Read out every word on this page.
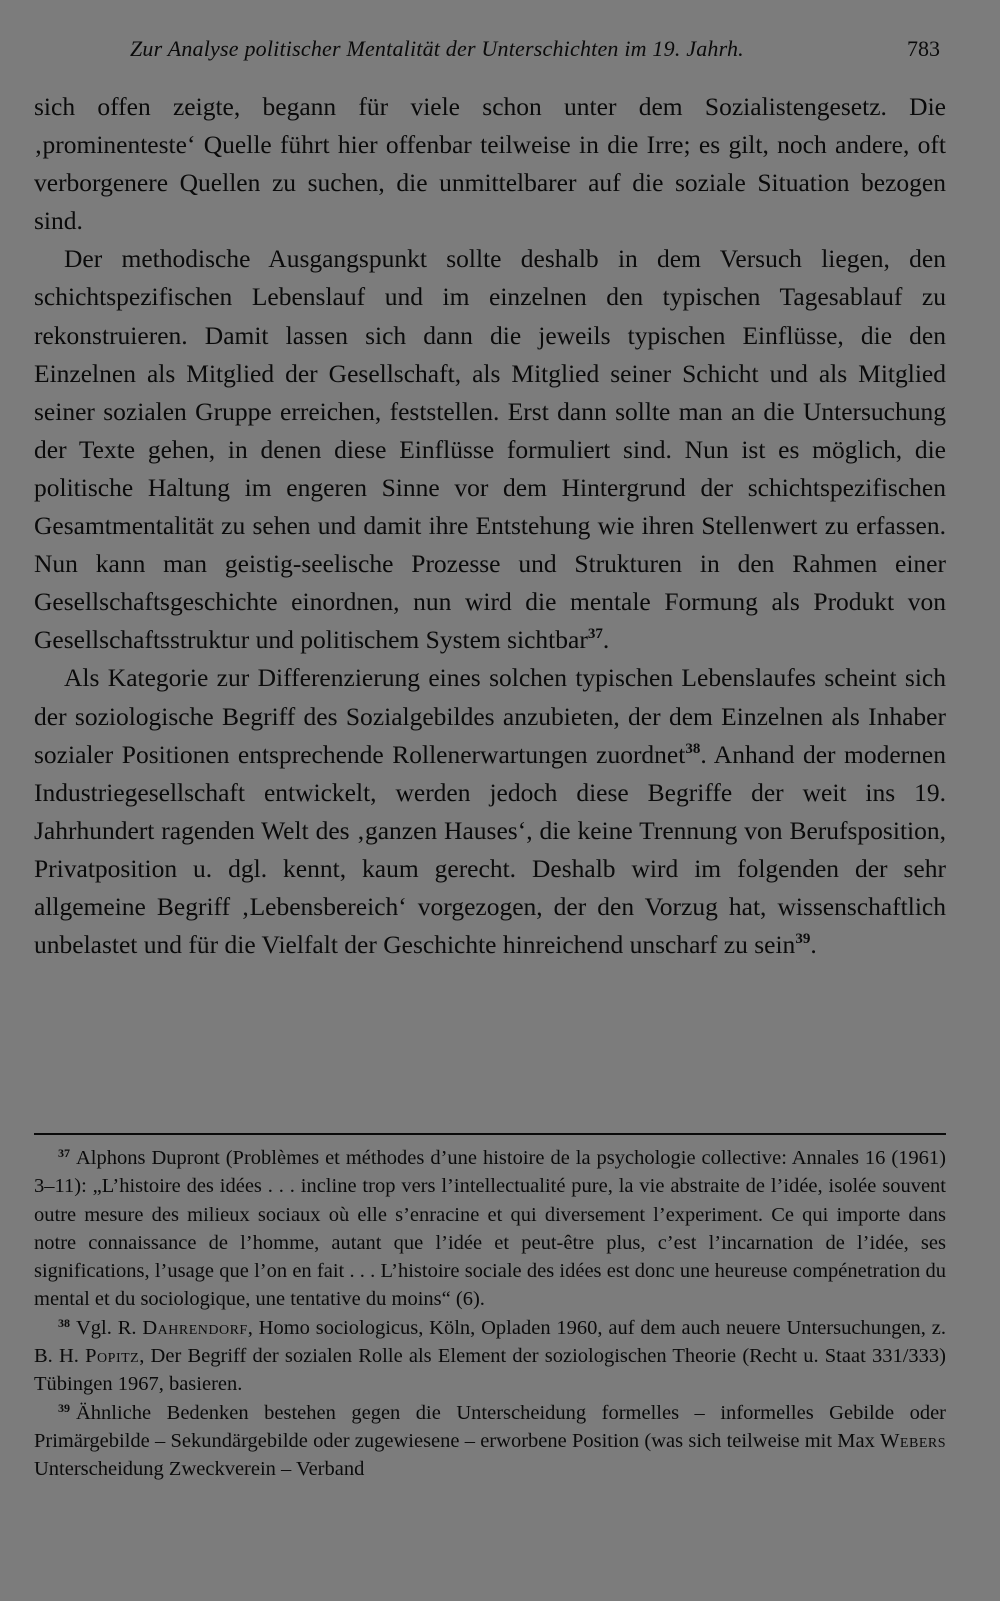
Zur Analyse politischer Mentalität der Unterschichten im 19. Jahrh.	783

sich offen zeigte, begann für viele schon unter dem Sozialistengesetz. Die ‚prominenteste‘ Quelle führt hier offenbar teilweise in die Irre; es gilt, noch andere, oft verborgenere Quellen zu suchen, die unmittelbarer auf die soziale Situation bezogen sind.

Der methodische Ausgangspunkt sollte deshalb in dem Versuch liegen, den schichtspezifischen Lebenslauf und im einzelnen den typischen Tagesablauf zu rekonstruieren. Damit lassen sich dann die jeweils typischen Einflüsse, die den Einzelnen als Mitglied der Gesellschaft, als Mitglied seiner Schicht und als Mitglied seiner sozialen Gruppe erreichen, feststellen. Erst dann sollte man an die Untersuchung der Texte gehen, in denen diese Einflüsse formuliert sind. Nun ist es möglich, die politische Haltung im engeren Sinne vor dem Hintergrund der schichtspezifischen Gesamtmentalität zu sehen und damit ihre Entstehung wie ihren Stellenwert zu erfassen. Nun kann man geistig-seelische Prozesse und Strukturen in den Rahmen einer Gesellschaftsgeschichte einordnen, nun wird die mentale Formung als Produkt von Gesellschaftsstruktur und politischem System sichtbar$^{37}$.

Als Kategorie zur Differenzierung eines solchen typischen Lebenslaufes scheint sich der soziologische Begriff des Sozialgebildes anzubieten, der dem Einzelnen als Inhaber sozialer Positionen entsprechende Rollenerwartungen zuordnet$^{38}$. Anhand der modernen Industriegesellschaft entwickelt, werden jedoch diese Begriffe der weit ins 19. Jahrhundert ragenden Welt des ‚ganzen Hauses‘, die keine Trennung von Berufsposition, Privatposition u. dgl. kennt, kaum gerecht. Deshalb wird im folgenden der sehr allgemeine Begriff ‚Lebensbereich‘ vorgezogen, der den Vorzug hat, wissenschaftlich unbelastet und für die Vielfalt der Geschichte hinreichend unscharf zu sein$^{39}$.

$^{37}$ Alphons Dupront (Problèmes et méthodes d’une histoire de la psychologie collective: Annales 16 (1961) 3–11): „L’histoire des idées . . . incline trop vers l’intellectualité pure, la vie abstraite de l’idée, isolée souvent outre mesure des milieux sociaux où elle s’enracine et qui diversement l’experiment. Ce qui importe dans notre connaissance de l’homme, autant que l’idée et peut-être plus, c’est l’incarnation de l’idée, ses significations, l’usage que l’on en fait . . . L’histoire sociale des idées est donc une heureuse compénetration du mental et du sociologique, une tentative du moins“ (6).

$^{38}$ Vgl. R. Dahrendorf, Homo sociologicus, Köln, Opladen 1960, auf dem auch neuere Untersuchungen, z. B. H. Popitz, Der Begriff der sozialen Rolle als Element der soziologischen Theorie (Recht u. Staat 331/333) Tübingen 1967, basieren.

$^{39}$ Ähnliche Bedenken bestehen gegen die Unterscheidung formelles – informelles Gebilde oder Primärgebilde – Sekundärgebilde oder zugewiesene – erworbene Position (was sich teilweise mit Max Webers Unterscheidung Zweckverein – Verband
